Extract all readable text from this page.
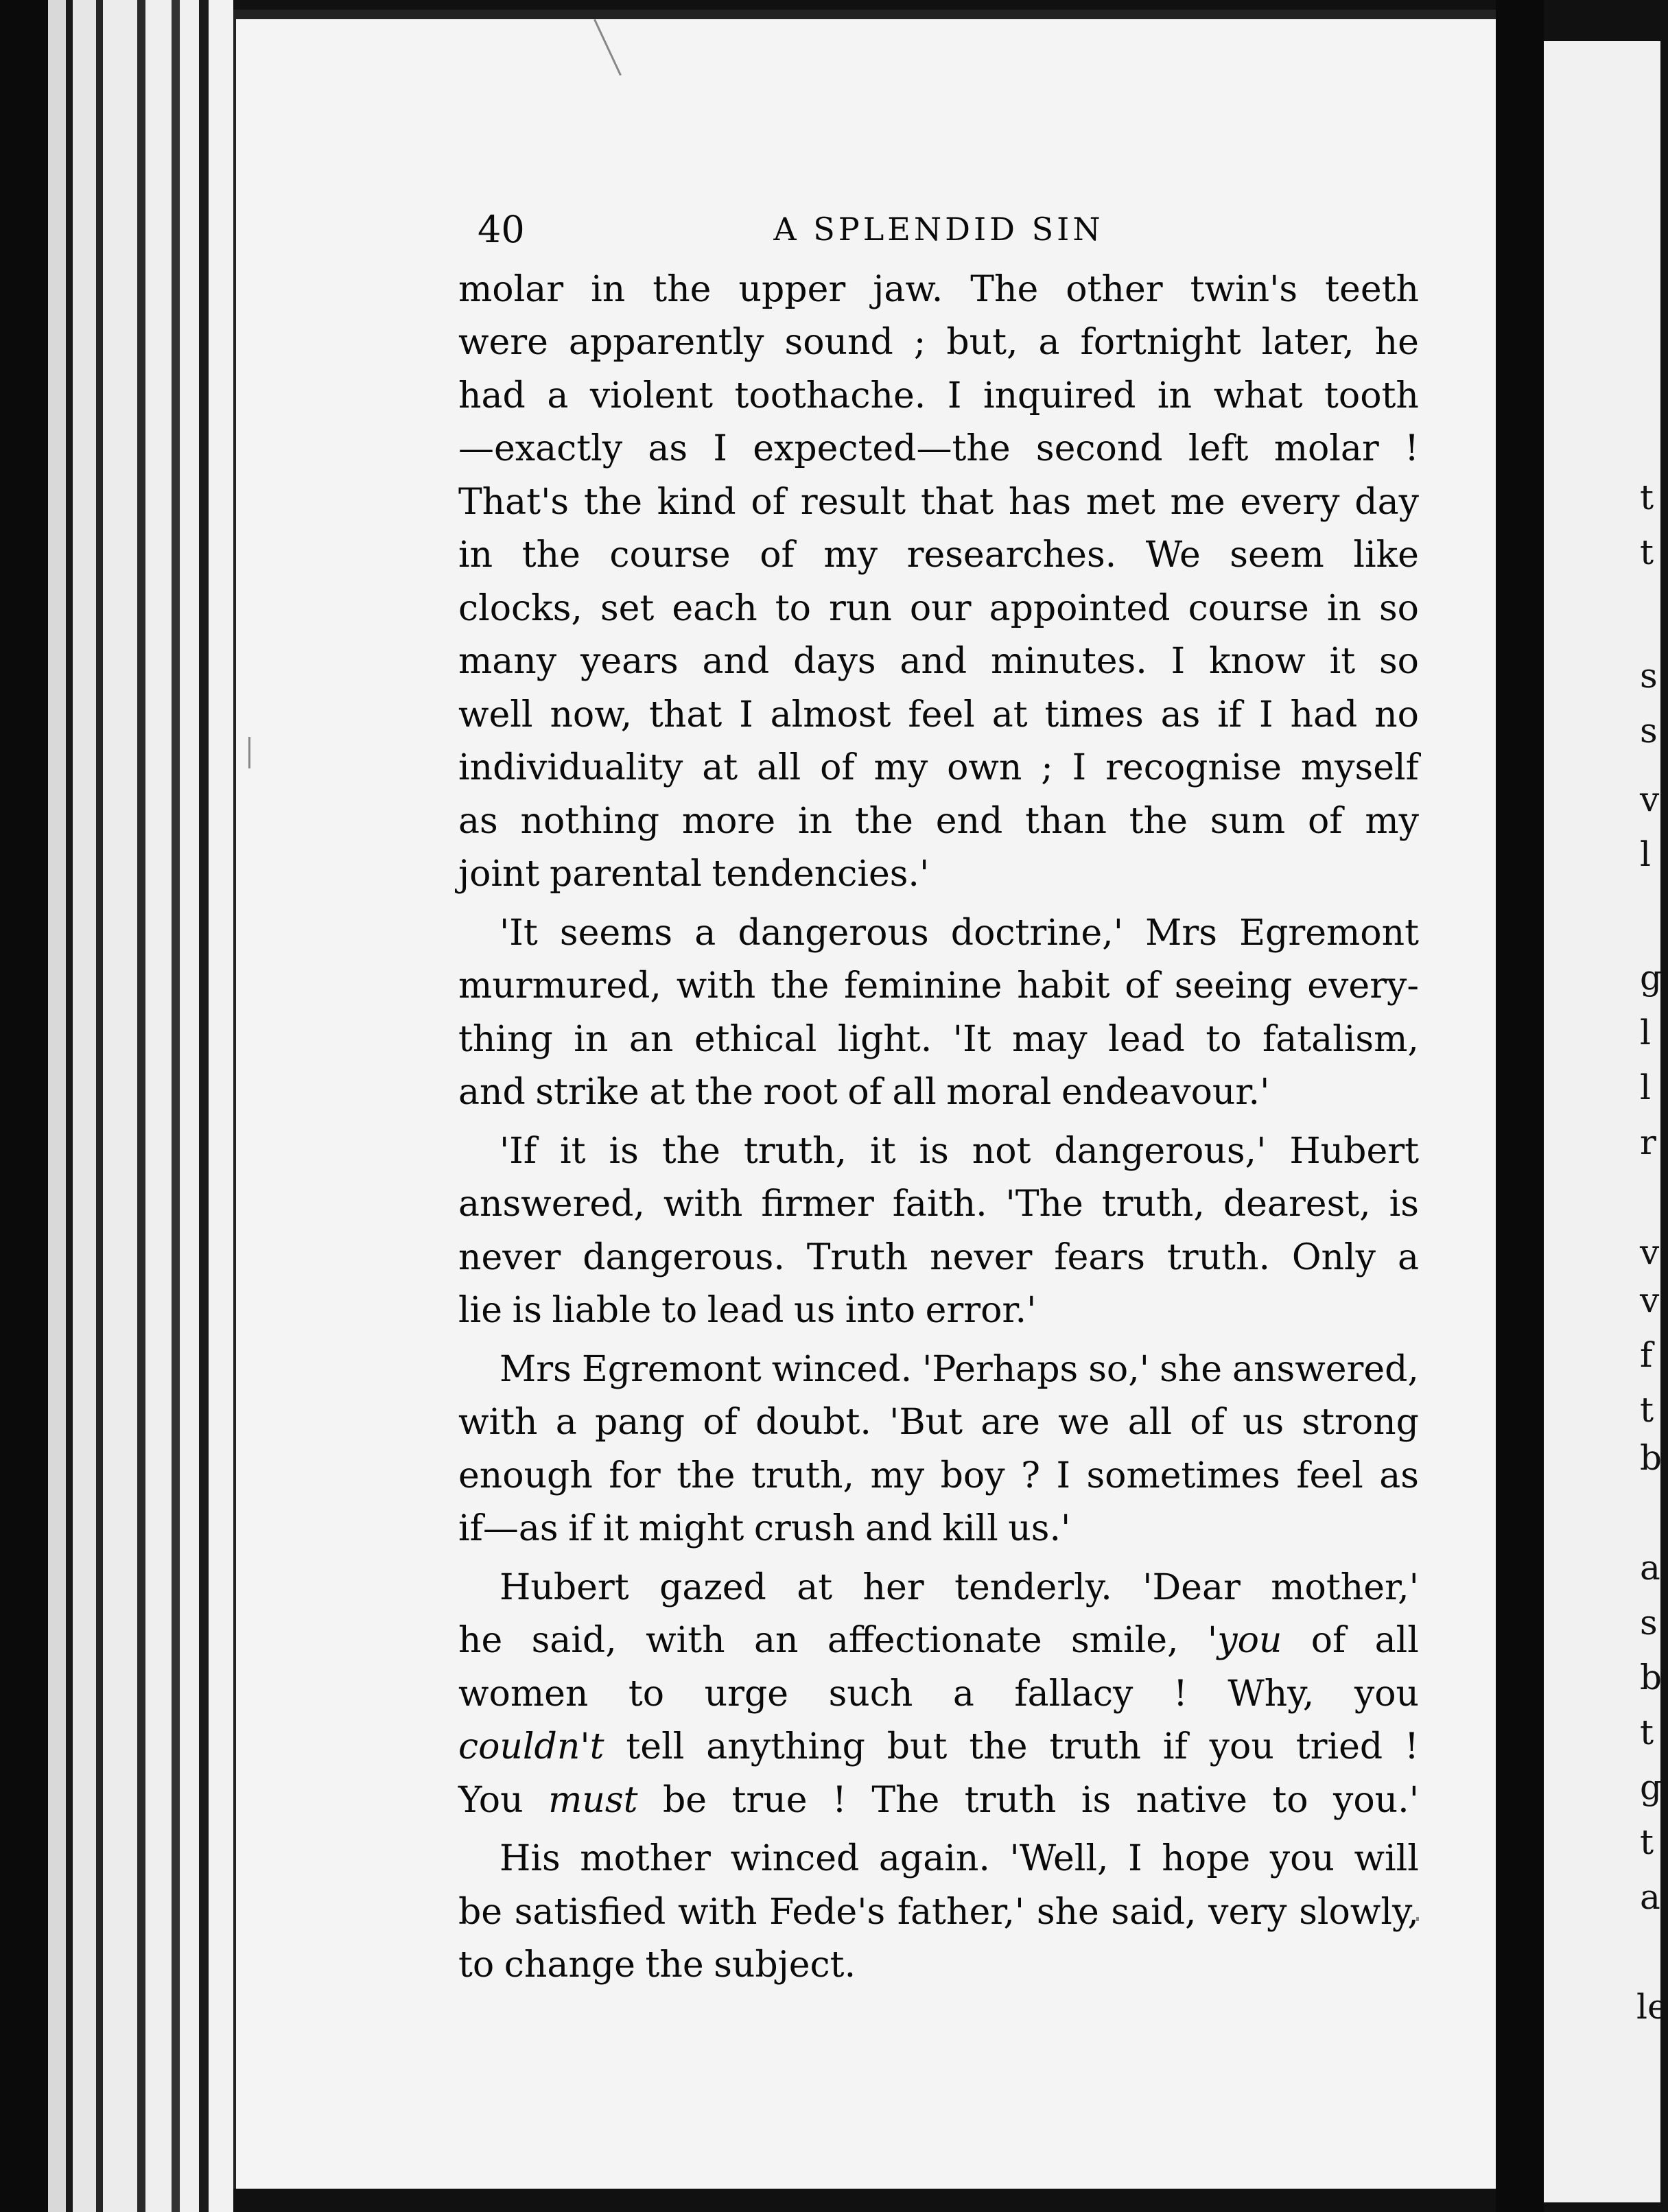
t
t
s
s
v
l
g
l
l
r
v
v
f
t
b
a
s
b
t
g
t
a
le
40	A SPLENDID SIN
molar in the upper jaw. The other twin's teeth
were apparently sound ; but, a fortnight later, he
had a violent toothache. I inquired in what tooth
—exactly as I expected—the second left molar !
That's the kind of result that has met me every day
in the course of my researches. We seem like
clocks, set each to run our appointed course in so
many years and days and minutes. I know it so
well now, that I almost feel at times as if I had no
individuality at all of my own ; I recognise myself
as nothing more in the end than the sum of my
joint parental tendencies.'
'It seems a dangerous doctrine,' Mrs Egremont
murmured, with the feminine habit of seeing every-
thing in an ethical light. 'It may lead to fatalism,
and strike at the root of all moral endeavour.'
'If it is the truth, it is not dangerous,' Hubert
answered, with firmer faith. 'The truth, dearest, is
never dangerous. Truth never fears truth. Only a
lie is liable to lead us into error.'
Mrs Egremont winced. 'Perhaps so,' she answered,
with a pang of doubt. 'But are we all of us strong
enough for the truth, my boy ? I sometimes feel as
if—as if it might crush and kill us.'
Hubert gazed at her tenderly. 'Dear mother,'
he said, with an affectionate smile, 'you of all
women to urge such a fallacy ! Why, you
couldn't tell anything but the truth if you tried !
You must be true ! The truth is native to you.'
His mother winced again. 'Well, I hope you will
be satisfied with Fede's father,' she said, very slowly,
to change the subject.
